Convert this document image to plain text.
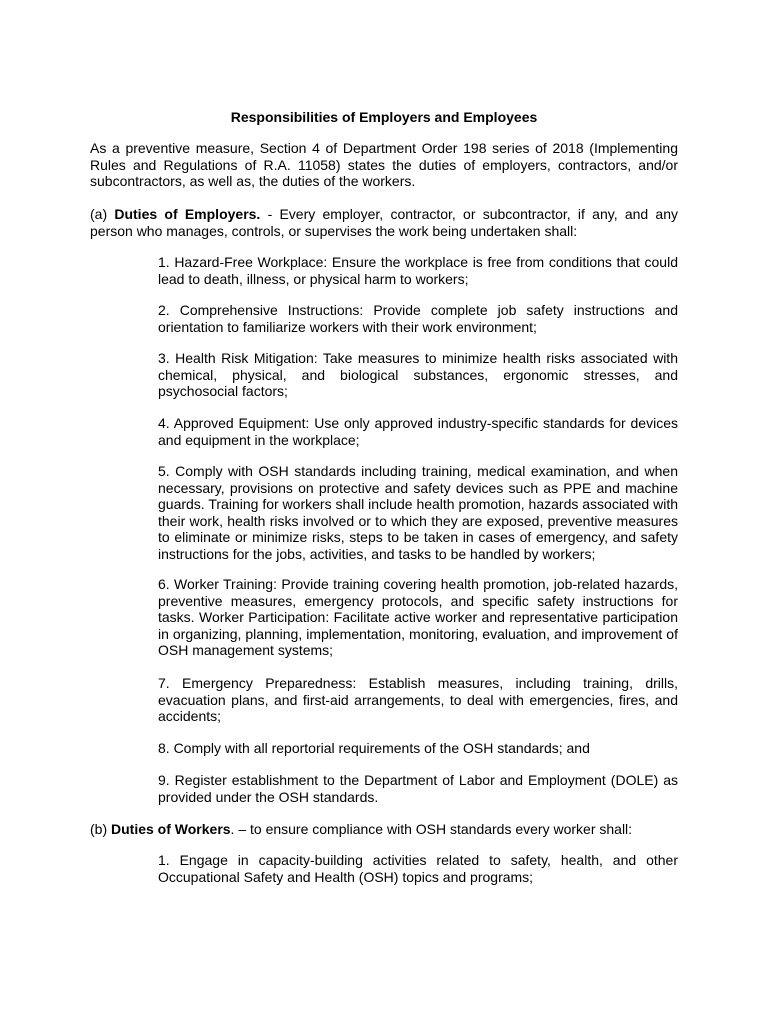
Responsibilities of Employers and Employees
As a preventive measure, Section 4 of Department Order 198 series of 2018 (Implementing Rules and Regulations of R.A. 11058) states the duties of employers, contractors, and/or subcontractors, as well as, the duties of the workers.
(a) Duties of Employers. - Every employer, contractor, or subcontractor, if any, and any person who manages, controls, or supervises the work being undertaken shall:
1. Hazard-Free Workplace: Ensure the workplace is free from conditions that could lead to death, illness, or physical harm to workers;
2. Comprehensive Instructions: Provide complete job safety instructions and orientation to familiarize workers with their work environment;
3. Health Risk Mitigation: Take measures to minimize health risks associated with chemical, physical, and biological substances, ergonomic stresses, and psychosocial factors;
4. Approved Equipment: Use only approved industry-specific standards for devices and equipment in the workplace;
5. Comply with OSH standards including training, medical examination, and when necessary, provisions on protective and safety devices such as PPE and machine guards. Training for workers shall include health promotion, hazards associated with their work, health risks involved or to which they are exposed, preventive measures to eliminate or minimize risks, steps to be taken in cases of emergency, and safety instructions for the jobs, activities, and tasks to be handled by workers;
6. Worker Training: Provide training covering health promotion, job-related hazards, preventive measures, emergency protocols, and specific safety instructions for tasks. Worker Participation: Facilitate active worker and representative participation in organizing, planning, implementation, monitoring, evaluation, and improvement of OSH management systems;
7. Emergency Preparedness: Establish measures, including training, drills, evacuation plans, and first-aid arrangements, to deal with emergencies, fires, and accidents;
8. Comply with all reportorial requirements of the OSH standards; and
9. Register establishment to the Department of Labor and Employment (DOLE) as provided under the OSH standards.
(b) Duties of Workers. – to ensure compliance with OSH standards every worker shall:
1. Engage in capacity-building activities related to safety, health, and other Occupational Safety and Health (OSH) topics and programs;
